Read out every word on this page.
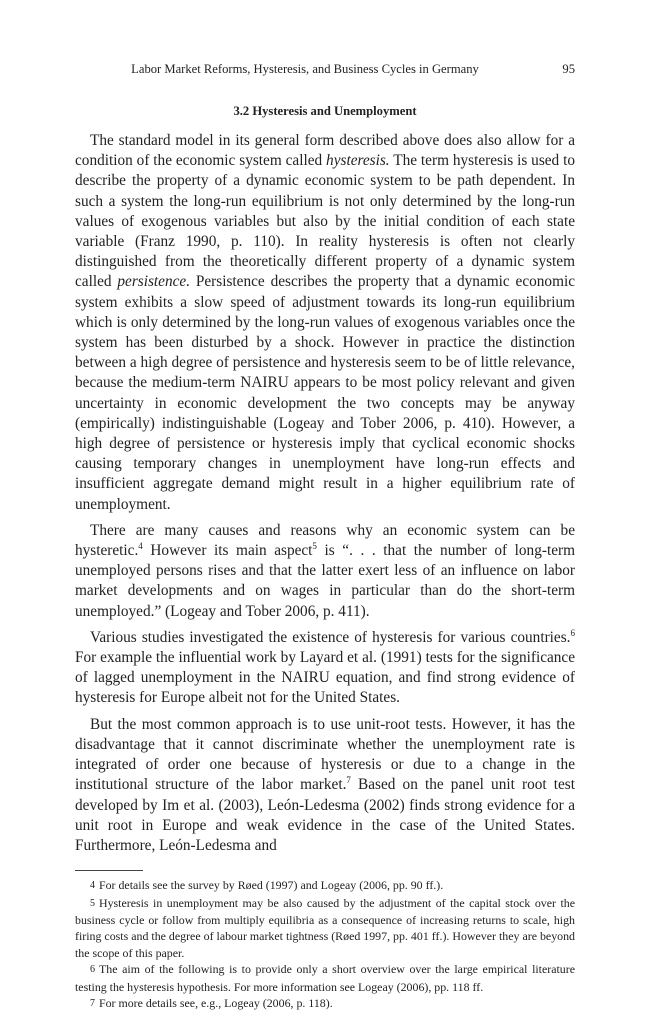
Labor Market Reforms, Hysteresis, and Business Cycles in Germany	95
3.2 Hysteresis and Unemployment

The standard model in its general form described above does also allow for a condition of the economic system called hysteresis. The term hysteresis is used to describe the property of a dynamic economic system to be path dependent. In such a system the long-run equilibrium is not only determined by the long-run values of exogenous variables but also by the initial condition of each state variable (Franz 1990, p. 110). In reality hysteresis is often not clearly distinguished from the theoretically different property of a dynamic system called persistence. Persistence describes the property that a dynamic economic system exhibits a slow speed of adjustment towards its long-run equilibrium which is only determined by the long-run values of exogenous variables once the system has been disturbed by a shock. However in practice the distinction between a high degree of persistence and hysteresis seem to be of little relevance, because the medium-term NAIRU appears to be most policy relevant and given uncertainty in economic development the two concepts may be anyway (empirically) indistinguishable (Logeay and Tober 2006, p. 410). However, a high degree of persistence or hysteresis imply that cyclical economic shocks causing temporary changes in unemployment have long-run effects and insufficient aggregate demand might result in a higher equilibrium rate of unemployment.

There are many causes and reasons why an economic system can be hysteretic.$^4$ However its main aspect$^5$ is “. . . that the number of long-term unemployed persons rises and that the latter exert less of an influence on labor market developments and on wages in particular than do the short-term unemployed.” (Logeay and Tober 2006, p. 411).

Various studies investigated the existence of hysteresis for various countries.$^6$ For example the influential work by Layard et al. (1991) tests for the significance of lagged unemployment in the NAIRU equation, and find strong evidence of hysteresis for Europe albeit not for the United States.

But the most common approach is to use unit-root tests. However, it has the disadvantage that it cannot discriminate whether the unemployment rate is integrated of order one because of hysteresis or due to a change in the institutional structure of the labor market.$^7$ Based on the panel unit root test developed by Im et al. (2003), León-Ledesma (2002) finds strong evidence for a unit root in Europe and weak evidence in the case of the United States. Furthermore, León-Ledesma and

4 For details see the survey by Røed (1997) and Logeay (2006, pp. 90 ff.).

5 Hysteresis in unemployment may be also caused by the adjustment of the capital stock over the business cycle or follow from multiply equilibria as a consequence of increasing returns to scale, high firing costs and the degree of labour market tightness (Røed 1997, pp. 401 ff.). However they are beyond the scope of this paper.

6 The aim of the following is to provide only a short overview over the large empirical literature testing the hysteresis hypothesis. For more information see Logeay (2006), pp. 118 ff.

7 For more details see, e.g., Logeay (2006, p. 118).
